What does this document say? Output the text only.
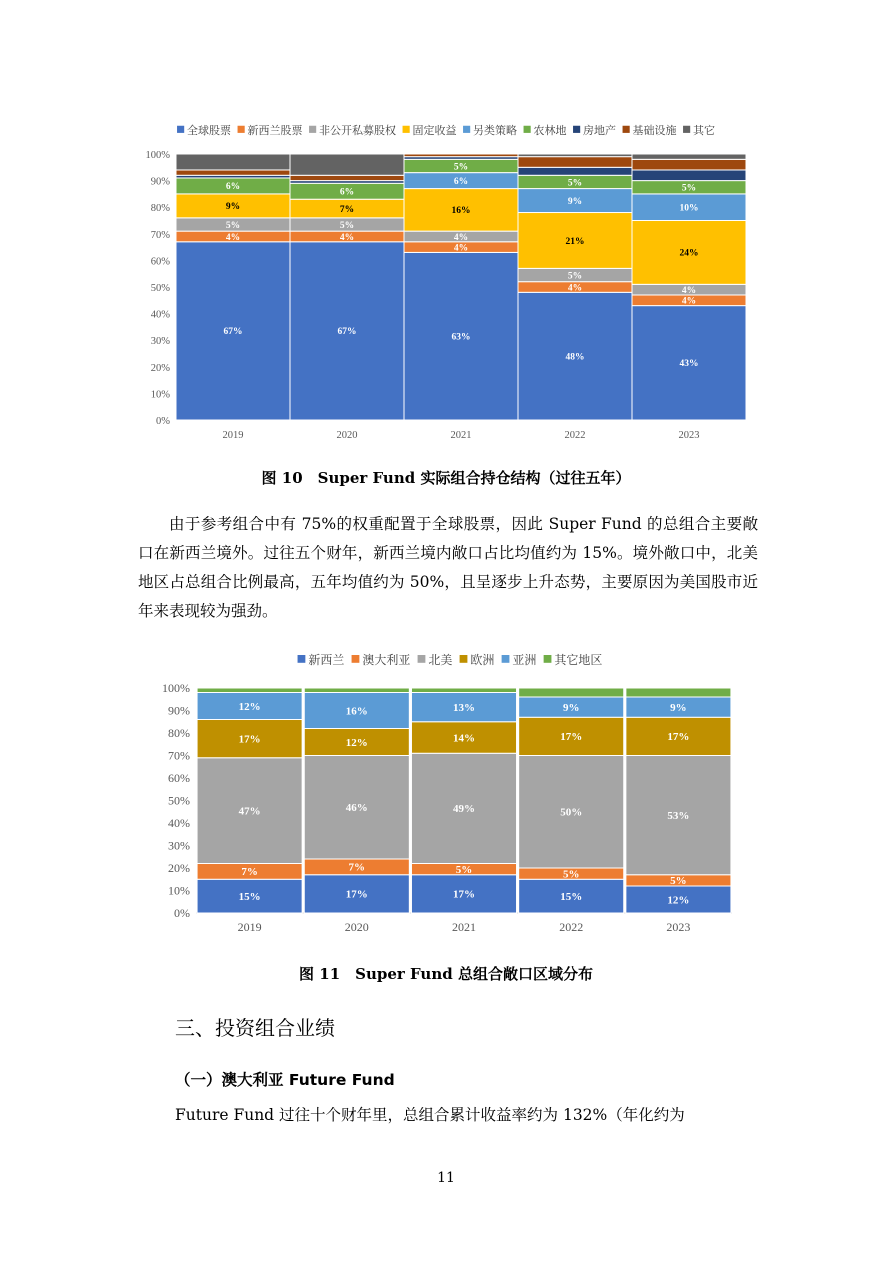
0%
10%
20%
30%
40%
50%
60%
70%
80%
90%
100%
67%
4%
5%
9%
6%
2019
67%
4%
5%
7%
6%
2020
63%
4%
4%
16%
6%
5%
2021
48%
4%
5%
21%
9%
5%
2022
43%
4%
4%
24%
10%
5%
2023
全球股票 新西兰股票 非公开私募股权 固定收益 另类策略 农林地 房地产 基础设施 其它
图 10　Super Fund 实际组合持仓结构（过往五年）

由于参考组合中有 75%的权重配置于全球股票，因此 Super Fund 的总组合主要敞口在新西兰境外。过往五个财年，新西兰境内敞口占比均值约为 15%。境外敞口中，北美地区占总组合比例最高，五年均值约为 50%，且呈逐步上升态势，主要原因为美国股市近年来表现较为强劲。

0%
10%
20%
30%
40%
50%
60%
70%
80%
90%
100%
15%
7%
47%
17%
12%
2019
17%
7%
46%
12%
16%
2020
17%
5%
49%
14%
13%
2021
15%
5%
50%
17%
9%
2022
12%
5%
53%
17%
9%
2023
新西兰 澳大利亚 北美 欧洲 亚洲 其它地区
图 11　Super Fund 总组合敞口区域分布
三、投资组合业绩
（一）澳大利亚 Future Fund
Future Fund 过往十个财年里，总组合累计收益率约为 132%（年化约为
11
